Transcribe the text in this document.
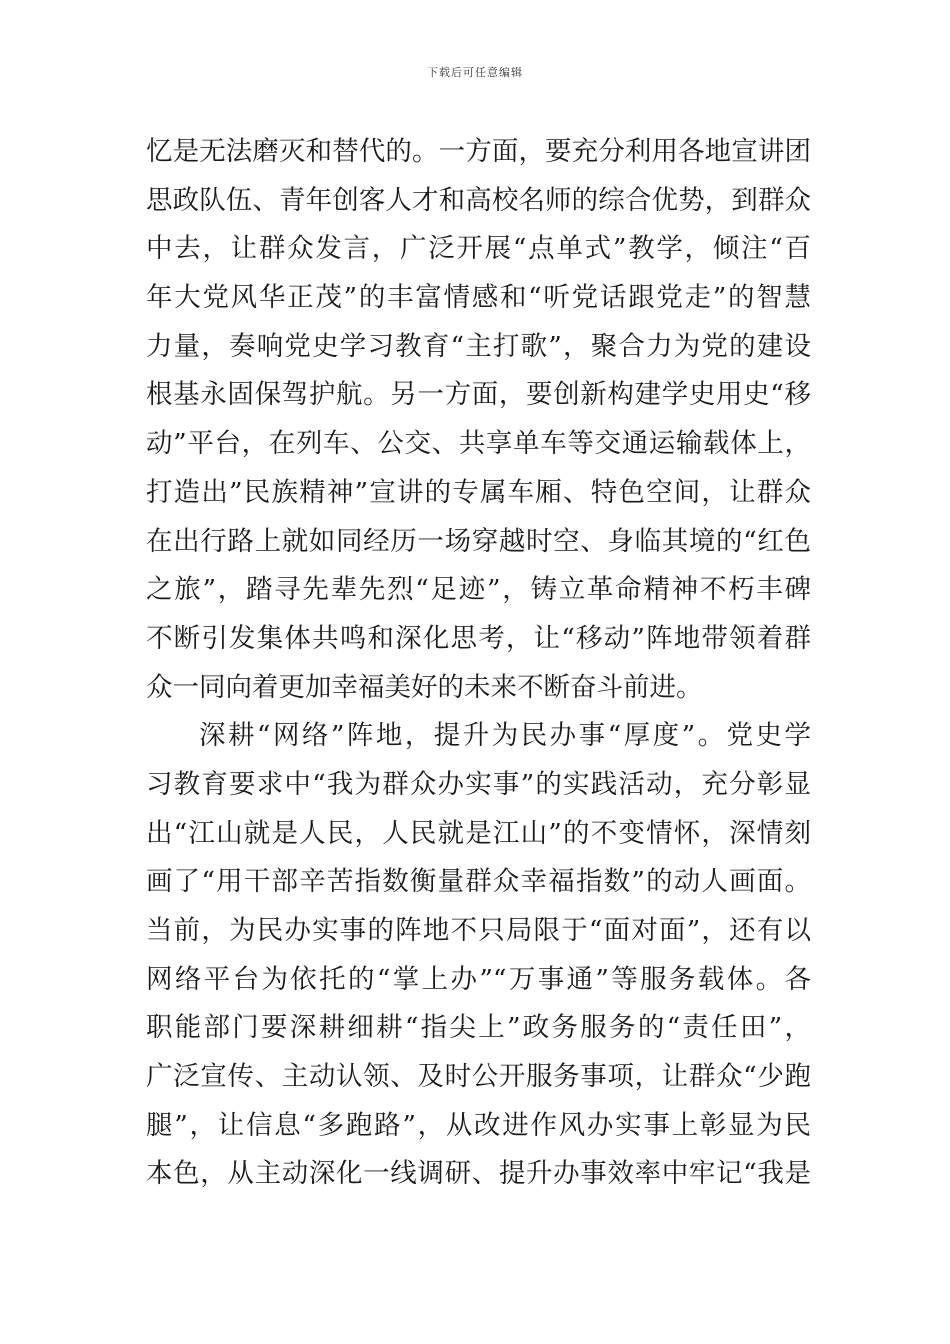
下载后可任意编辑
忆是无法磨灭和替代的。一方面，要充分利用各地宣讲团
思政队伍、青年创客人才和高校名师的综合优势，到群众
中去，让群众发言，广泛开展“点单式”教学，倾注“百
年大党风华正茂”的丰富情感和“听党话跟党走”的智慧
力量，奏响党史学习教育“主打歌”，聚合力为党的建设
根基永固保驾护航。另一方面，要创新构建学史用史“移
动”平台，在列车、公交、共享单车等交通运输载体上，
打造出”民族精神”宣讲的专属车厢、特色空间，让群众
在出行路上就如同经历一场穿越时空、身临其境的“红色
之旅”，踏寻先辈先烈“足迹”，铸立革命精神不朽丰碑
不断引发集体共鸣和深化思考，让“移动”阵地带领着群
众一同向着更加幸福美好的未来不断奋斗前进。
深耕“网络”阵地，提升为民办事“厚度”。党史学
习教育要求中“我为群众办实事”的实践活动，充分彰显
出“江山就是人民，人民就是江山”的不变情怀，深情刻
画了“用干部辛苦指数衡量群众幸福指数”的动人画面。
当前，为民办实事的阵地不只局限于“面对面”，还有以
网络平台为依托的“掌上办”“万事通”等服务载体。各
职能部门要深耕细耕“指尖上”政务服务的“责任田”，
广泛宣传、主动认领、及时公开服务事项，让群众“少跑
腿”，让信息“多跑路”，从改进作风办实事上彰显为民
本色，从主动深化一线调研、提升办事效率中牢记“我是
